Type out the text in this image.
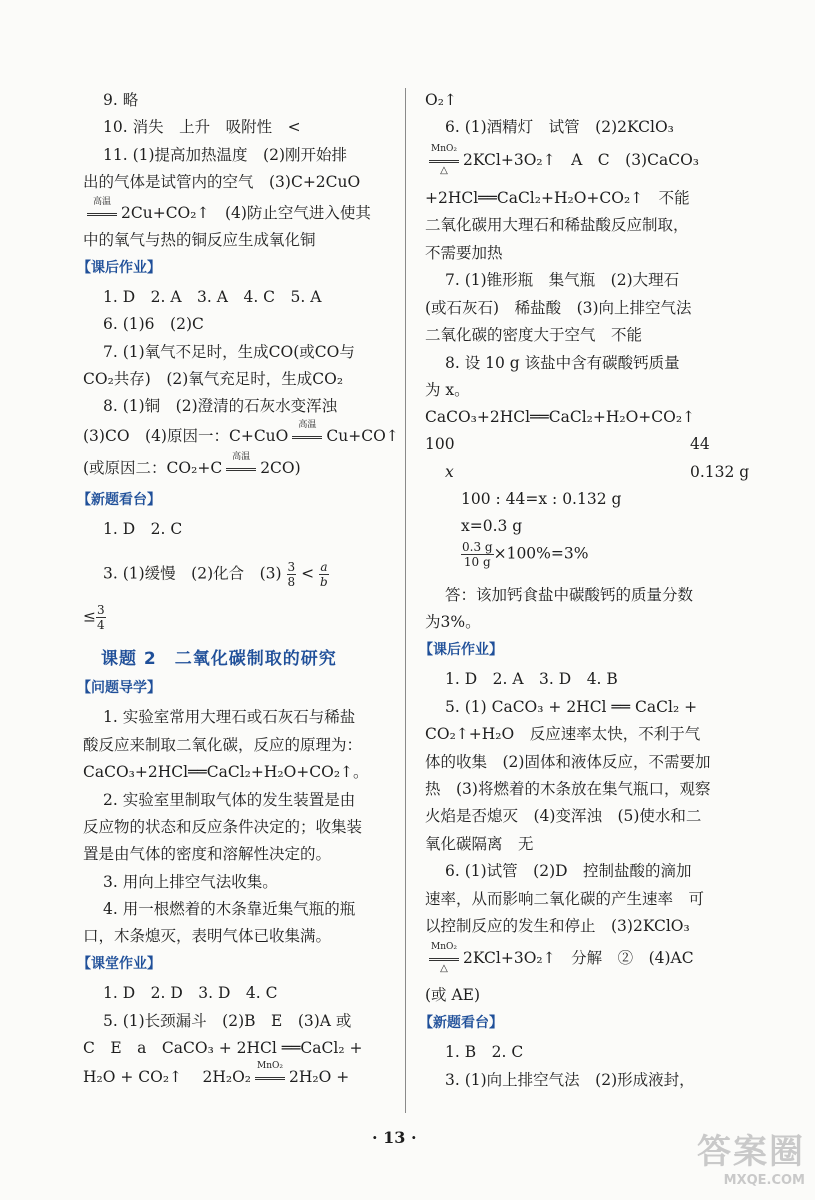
9. 略
10. 消失　上升　吸附性　<
11. (1)提高加热温度　(2)刚开始排
出的气体是试管内的空气　(3)C+2CuO
高温
2Cu+CO₂↑　(4)防止空气进入使其
中的氧气与热的铜反应生成氧化铜
【课后作业】
1. D　2. A　3. A　4. C　5. A
6. (1)6　(2)C
7. (1)氧气不足时，生成CO(或CO与
CO₂共存)　(2)氧气充足时，生成CO₂
8. (1)铜　(2)澄清的石灰水变浑浊
(3)CO　(4)原因一：C+CuO
高温
Cu+CO↑
(或原因二：CO₂+C
高温
2CO)
【新题看台】
1. D　2. C
3. (1)缓慢　(2)化合　$(3) \frac{3}{8} < \frac{a}{b}$
≤ $\frac{3}{4}$
课题 2　二氧化碳制取的研究
【问题导学】
1. 实验室常用大理石或石灰石与稀盐
酸反应来制取二氧化碳，反应的原理为：
CaCO₃+2HCl══CaCl₂+H₂O+CO₂↑。
2. 实验室里制取气体的发生装置是由
反应物的状态和反应条件决定的；收集装
置是由气体的密度和溶解性决定的。
3. 用向上排空气法收集。
4. 用一根燃着的木条靠近集气瓶的瓶
口，木条熄灭，表明气体已收集满。
【课堂作业】
1. D　2. D　3. D　4. C
5. (1)长颈漏斗　(2)B　E　(3)A 或
C　E　a　CaCO₃ + 2HCl ══CaCl₂ +
H₂O + CO₂↑　 2H₂O₂
MnO₂
2H₂O +
O₂↑
6. (1)酒精灯　试管　(2)2KClO₃
MnO₂
△
2KCl+3O₂↑　A　C　(3)CaCO₃
+2HCl══CaCl₂+H₂O+CO₂↑　不能
二氧化碳用大理石和稀盐酸反应制取，
不需要加热
7. (1)锥形瓶　集气瓶　(2)大理石
(或石灰石)　稀盐酸　(3)向上排空气法
二氧化碳的密度大于空气　不能
8. 设 10 g 该盐中含有碳酸钙质量
为 x。
CaCO₃+2HCl══CaCl₂+H₂O+CO₂↑
100	44
x	0.132 g
100 : 44=x : 0.132 g
x=0.3 g
$\frac{0.3 g}{10 g} \times 100\%=3\%$
答：该加钙食盐中碳酸钙的质量分数
为3%。
【课后作业】
1. D　2. A　3. D　4. B
5. (1) CaCO₃ + 2HCl ══ CaCl₂ +
CO₂↑+H₂O　反应速率太快，不利于气
体的收集　(2)固体和液体反应，不需要加
热　(3)将燃着的木条放在集气瓶口，观察
火焰是否熄灭　(4)变浑浊　(5)使水和二
氧化碳隔离　无
6. (1)试管　(2)D　控制盐酸的滴加
速率，从而影响二氧化碳的产生速率　可
以控制反应的发生和停止　(3)2KClO₃
MnO₂
△
2KCl+3O₂↑　分解　②　(4)AC
(或 AE)
【新题看台】
1. B　2. C
3. (1)向上排空气法　(2)形成液封，
· 13 ·	答案圈
MXQE.COM
